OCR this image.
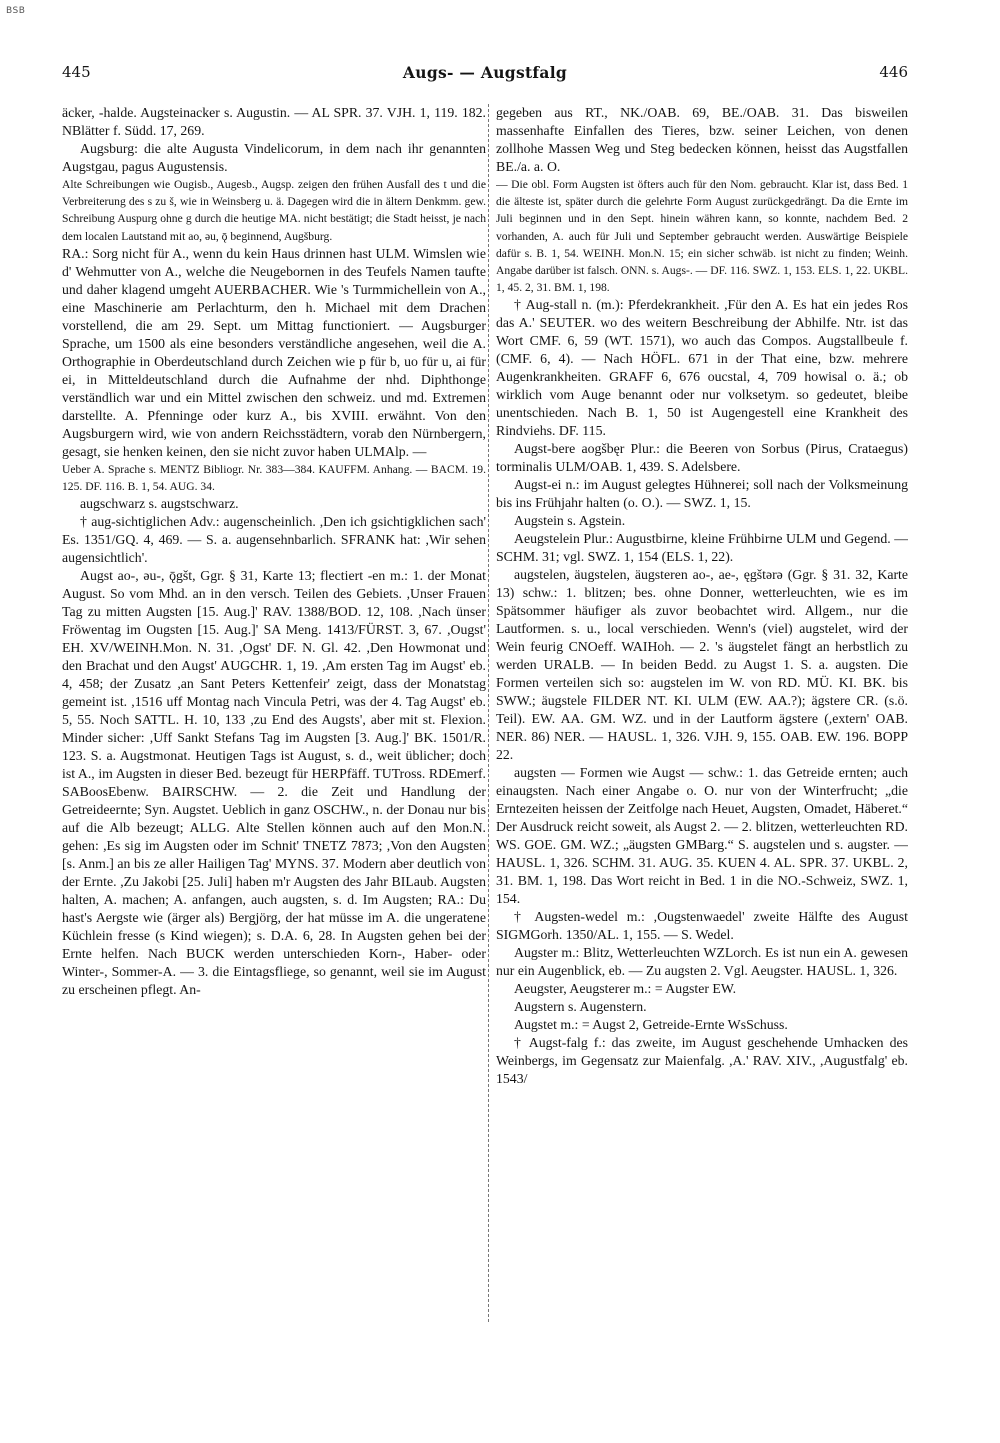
BSB
445	Augs- — Augstfalg	446

äcker, -halde. Augsteinacker s. Augustin. — AL SPR. 37. VJH. 1, 119. 182. NBlätter f. Südd. 17, 269.

Augsburg: die alte Augusta Vindelicorum, in dem nach ihr genannten Augstgau, pagus Augustensis.

Alte Schreibungen wie Ougisb., Augesb., Augsp. zeigen den frühen Ausfall des t und die Verbreiterung des s zu š, wie in Weinsberg u. ä. Dagegen wird die in ältern Denkmm. gew. Schreibung Auspurg ohne g durch die heutige MA. nicht bestätigt; die Stadt heisst, je nach dem localen Lautstand mit ao, əu, ǭ beginnend, Augšburg.

RA.: Sorg nicht für A., wenn du kein Haus drinnen hast ULM. Wimslen wie d' Wehmutter von A., welche die Neugebornen in des Teufels Namen taufte und daher klagend umgeht AUERBACHER. Wie 's Turmmichellein von A., eine Maschinerie am Perlachturm, den h. Michael mit dem Drachen vorstellend, die am 29. Sept. um Mittag functioniert. — Augsburger Sprache, um 1500 als eine besonders verständliche angesehen, weil die A. Orthographie in Oberdeutschland durch Zeichen wie p für b, uo für u, ai für ei, in Mitteldeutschland durch die Aufnahme der nhd. Diphthonge verständlich war und ein Mittel zwischen den schweiz. und md. Extremen darstellte. A. Pfenninge oder kurz A., bis XVIII. erwähnt. Von den Augsburgern wird, wie von andern Reichsstädtern, vorab den Nürnbergern, gesagt, sie henken keinen, den sie nicht zuvor haben ULMAlp. —

Ueber A. Sprache s. MENTZ Bibliogr. Nr. 383—384. KAUFFM. Anhang. — BACM. 19. 125. DF. 116. B. 1, 54. AUG. 34.

augschwarz s. augstschwarz.

† aug-sichtiglichen Adv.: augenscheinlich. ,Den ich gsichtigklichen sach' Es. 1351/GQ. 4, 469. — S. a. augensehnbarlich. SFRANK hat: ,Wir sehen augensichtlich'.

Augst ao-, əu-, ǭgšt, Ggr. § 31, Karte 13; flectiert -en m.: 1. der Monat August. So vom Mhd. an in den versch. Teilen des Gebiets. ,Unser Frauen Tag zu mitten Augsten [15. Aug.]' RAV. 1388/BOD. 12, 108. ,Nach ünser Fröwentag im Ougsten [15. Aug.]' SA Meng. 1413/FÜRST. 3, 67. ,Ougst' EH. XV/WEINH.Mon. N. 31. ,Ogst' DF. N. Gl. 42. ,Den Howmonat und den Brachat und den Augst' AUGCHR. 1, 19. ,Am ersten Tag im Augst' eb. 4, 458; der Zusatz ,an Sant Peters Kettenfeir' zeigt, dass der Monatstag gemeint ist. ,1516 uff Montag nach Vincula Petri, was der 4. Tag Augst' eb. 5, 55. Noch SATTL. H. 10, 133 ,zu End des Augsts', aber mit st. Flexion. Minder sicher: ,Uff Sankt Stefans Tag im Augsten [3. Aug.]' BK. 1501/R. 123. S. a. Augstmonat. Heutigen Tags ist August, s. d., weit üblicher; doch ist A., im Augsten in dieser Bed. bezeugt für HERPfäff. TUTross. RDEmerf. SABoosEbenw. BAIRSCHW. — 2. die Zeit und Handlung der Getreideernte; Syn. Augstet. Ueblich in ganz OSCHW., n. der Donau nur bis auf die Alb bezeugt; ALLG. Alte Stellen können auch auf den Mon.N. gehen: ,Es sig im Augsten oder im Schnit' TNETZ 7873; ,Von den Augsten [s. Anm.] an bis ze aller Hailigen Tag' MYNS. 37. Modern aber deutlich von der Ernte. ,Zu Jakobi [25. Juli] haben m'r Augsten des Jahr BILaub. Augsten halten, A. machen; A. anfangen, auch augsten, s. d. Im Augsten; RA.: Du hast's Aergste wie (ärger als) Bergjörg, der hat müsse im A. die ungeratene Küchlein fresse (s Kind wiegen); s. D.A. 6, 28. In Augsten gehen bei der Ernte helfen. Nach BUCK werden unterschieden Korn-, Haber- oder Winter-, Sommer-A. — 3. die Eintagsfliege, so genannt, weil sie im August zu erscheinen pflegt. An-

gegeben aus RT., NK./OAB. 69, BE./OAB. 31. Das bisweilen massenhafte Einfallen des Tieres, bzw. seiner Leichen, von denen zollhohe Massen Weg und Steg bedecken können, heisst das Augstfallen BE./a. a. O.

— Die obl. Form Augsten ist öfters auch für den Nom. gebraucht. Klar ist, dass Bed. 1 die älteste ist, später durch die gelehrte Form August zurückgedrängt. Da die Ernte im Juli beginnen und in den Sept. hinein währen kann, so konnte, nachdem Bed. 2 vorhanden, A. auch für Juli und September gebraucht werden. Auswärtige Beispiele dafür s. B. 1, 54. WEINH. Mon.N. 15; ein sicher schwäb. ist nicht zu finden; Weinh. Angabe darüber ist falsch. ONN. s. Augs-. — DF. 116. SWZ. 1, 153. ELS. 1, 22. UKBL. 1, 45. 2, 31. BM. 1, 198.

† Aug-stall n. (m.): Pferdekrankheit. ,Für den A. Es hat ein jedes Ros das A.' SEUTER. wo des weitern Beschreibung der Abhilfe. Ntr. ist das Wort CMF. 6, 59 (WT. 1571), wo auch das Compos. Augstallbeule f. (CMF. 6, 4). — Nach HÖFL. 671 in der That eine, bzw. mehrere Augenkrankheiten. GRAFF 6, 676 oucstal, 4, 709 howisal o. ä.; ob wirklich vom Auge benannt oder nur volksetym. so gedeutet, bleibe unentschieden. Nach B. 1, 50 ist Augengestell eine Krankheit des Rindviehs. DF. 115.

Augst-bere aogšbęr Plur.: die Beeren von Sorbus (Pirus, Crataegus) torminalis ULM/OAB. 1, 439. S. Adelsbere.

Augst-ei n.: im August gelegtes Hühnerei; soll nach der Volksmeinung bis ins Frühjahr halten (o. O.). — SWZ. 1, 15.

Augstein s. Agstein.

Aeugstelein Plur.: Augustbirne, kleine Frühbirne ULM und Gegend. — SCHM. 31; vgl. SWZ. 1, 154 (ELS. 1, 22).

augstelen, äugstelen, äugsteren ao-, ae-, ęgštərə (Ggr. § 31. 32, Karte 13) schw.: 1. blitzen; bes. ohne Donner, wetterleuchten, wie es im Spätsommer häufiger als zuvor beobachtet wird. Allgem., nur die Lautformen. s. u., local verschieden. Wenn's (viel) augstelet, wird der Wein feurig CNOeff. WAIHoh. — 2. 's äugstelet fängt an herbstlich zu werden URALB. — In beiden Bedd. zu Augst 1. S. a. augsten. Die Formen verteilen sich so: augstelen im W. von RD. MÜ. KI. BK. bis SWW.; äugstele FILDER NT. KI. ULM (EW. AA.?); ägstere CR. (s.ö. Teil). EW. AA. GM. WZ. und in der Lautform ägstere (,extern' OAB. NER. 86) NER. — HAUSL. 1, 326. VJH. 9, 155. OAB. EW. 196. BOPP 22.

augsten — Formen wie Augst — schw.: 1. das Getreide ernten; auch einaugsten. Nach einer Angabe o. O. nur von der Winterfrucht; „die Erntezeiten heissen der Zeitfolge nach Heuet, Augsten, Omadet, Häberet.“ Der Ausdruck reicht soweit, als Augst 2. — 2. blitzen, wetterleuchten RD. WS. GOE. GM. WZ.; „äugsten GMBarg.“ S. augstelen und s. augster. — HAUSL. 1, 326. SCHM. 31. AUG. 35. KUEN 4. AL. SPR. 37. UKBL. 2, 31. BM. 1, 198. Das Wort reicht in Bed. 1 in die NO.-Schweiz, SWZ. 1, 154.

† Augsten-wedel m.: ,Ougstenwaedel' zweite Hälfte des August SIGMGorh. 1350/AL. 1, 155. — S. Wedel.

Augster m.: Blitz, Wetterleuchten WZLorch. Es ist nun ein A. gewesen nur ein Augenblick, eb. — Zu augsten 2. Vgl. Aeugster. HAUSL. 1, 326.

Aeugster, Aeugsterer m.: = Augster EW.

Augstern s. Augenstern.

Augstet m.: = Augst 2, Getreide-Ernte WsSchuss.

† Augst-falg f.: das zweite, im August geschehende Umhacken des Weinbergs, im Gegensatz zur Maienfalg. ,A.' RAV. XIV., ,Augustfalg' eb. 1543/
